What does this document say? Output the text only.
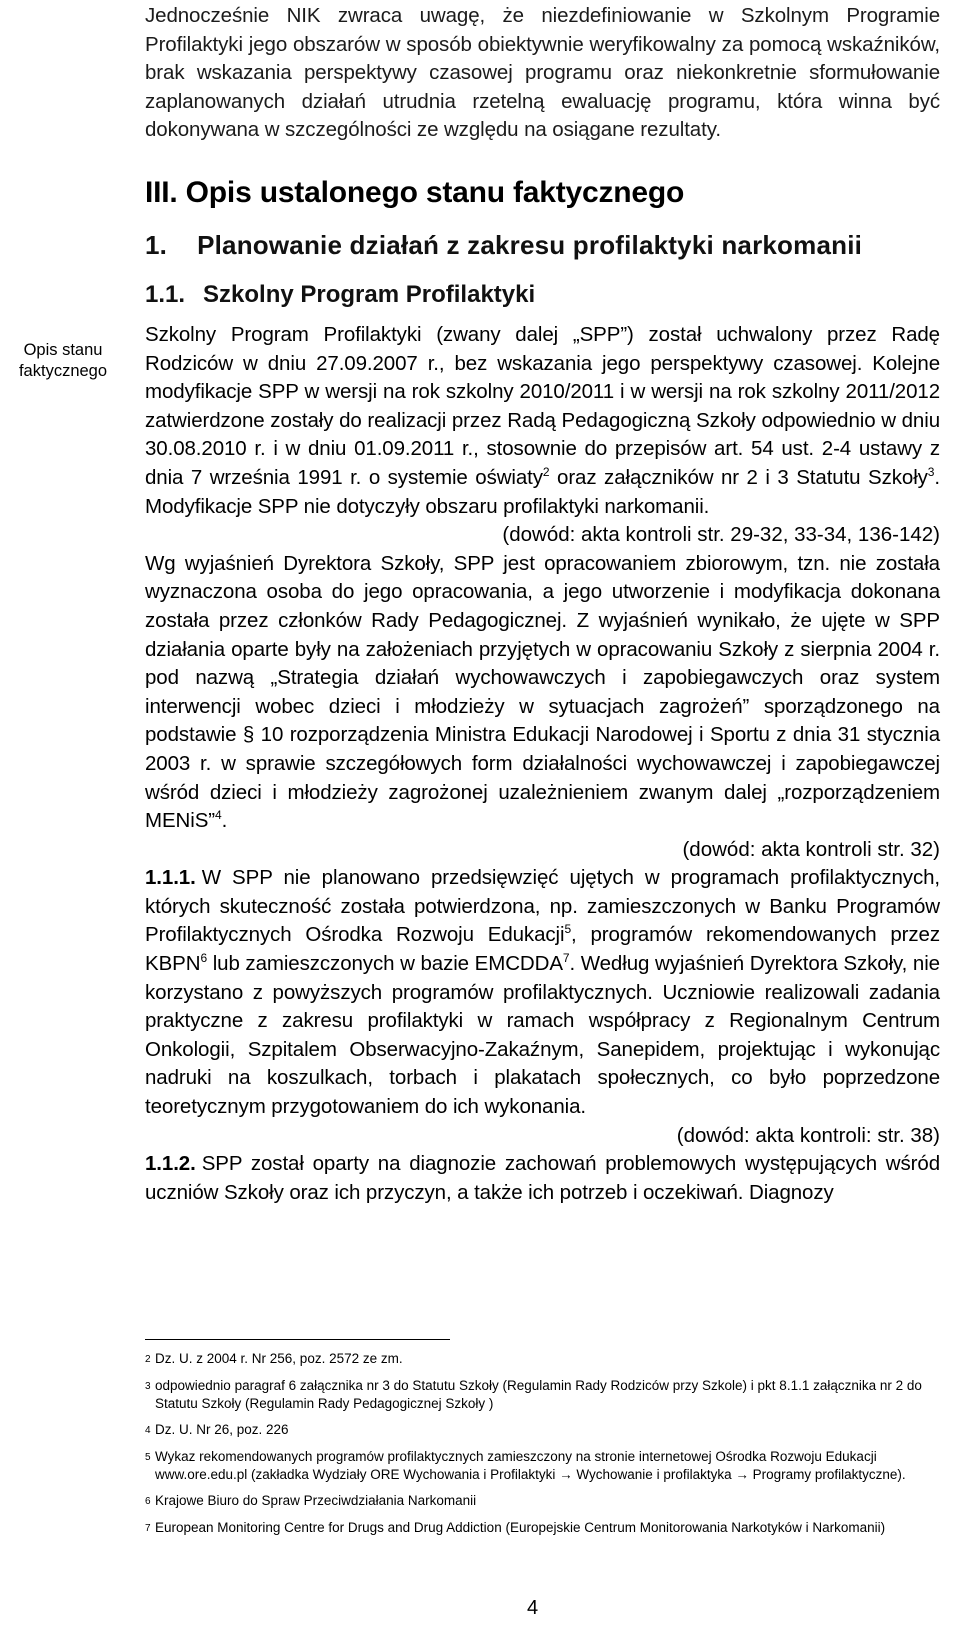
Jednocześnie NIK zwraca uwagę, że niezdefiniowanie w Szkolnym Programie Profilaktyki jego obszarów w sposób obiektywnie weryfikowalny za pomocą wskaźników, brak wskazania perspektywy czasowej programu oraz niekonkretnie sformułowanie zaplanowanych działań utrudnia rzetelną ewaluację programu, która winna być dokonywana w szczególności ze względu na osiągane rezultaty.

Opis stanu faktycznego
III. Opis ustalonego stanu faktycznego
1. Planowanie działań z zakresu profilaktyki narkomanii
1.1. Szkolny Program Profilaktyki

Szkolny Program Profilaktyki (zwany dalej „SPP”) został uchwalony przez Radę Rodziców w dniu 27.09.2007 r., bez wskazania jego perspektywy czasowej. Kolejne modyfikacje SPP w wersji na rok szkolny 2010/2011 i w wersji na rok szkolny 2011/2012 zatwierdzone zostały do realizacji przez Radą Pedagogiczną Szkoły odpowiednio w dniu 30.08.2010 r. i w dniu 01.09.2011 r., stosownie do przepisów art. 54 ust. 2-4 ustawy z dnia 7 września 1991 r. o systemie oświaty$^2$ oraz załączników nr 2 i 3 Statutu Szkoły$^3$. Modyfikacje SPP nie dotyczyły obszaru profilaktyki narkomanii.

(dowód: akta kontroli str. 29-32, 33-34, 136-142)

Wg wyjaśnień Dyrektora Szkoły, SPP jest opracowaniem zbiorowym, tzn. nie została wyznaczona osoba do jego opracowania, a jego utworzenie i modyfikacja dokonana została przez członków Rady Pedagogicznej. Z wyjaśnień wynikało, że ujęte w SPP działania oparte były na założeniach przyjętych w opracowaniu Szkoły z sierpnia 2004 r. pod nazwą „Strategia działań wychowawczych i zapobiegawczych oraz system interwencji wobec dzieci i młodzieży w sytuacjach zagrożeń” sporządzonego na podstawie § 10 rozporządzenia Ministra Edukacji Narodowej i Sportu z dnia 31 stycznia 2003 r. w sprawie szczegółowych form działalności wychowawczej i zapobiegawczej wśród dzieci i młodzieży zagrożonej uzależnieniem zwanym dalej „rozporządzeniem MENiS”$^4$.

(dowód: akta kontroli str. 32)

1.1.1. W SPP nie planowano przedsięwzięć ujętych w programach profilaktycznych, których skuteczność została potwierdzona, np. zamieszczonych w Banku Programów Profilaktycznych Ośrodka Rozwoju Edukacji$^5$, programów rekomendowanych przez KBPN$^6$ lub zamieszczonych w bazie EMCDDA$^7$. Według wyjaśnień Dyrektora Szkoły, nie korzystano z powyższych programów profilaktycznych. Uczniowie realizowali zadania praktyczne z zakresu profilaktyki w ramach współpracy z Regionalnym Centrum Onkologii, Szpitalem Obserwacyjno-Zakaźnym, Sanepidem, projektując i wykonując nadruki na koszulkach, torbach i plakatach społecznych, co było poprzedzone teoretycznym przygotowaniem do ich wykonania.

(dowód: akta kontroli: str. 38)

1.1.2. SPP został oparty na diagnozie zachowań problemowych występujących wśród uczniów Szkoły oraz ich przyczyn, a także ich potrzeb i oczekiwań. Diagnozy

2 Dz. U. z 2004 r. Nr 256, poz. 2572 ze zm.
3 odpowiednio paragraf 6 załącznika nr 3 do Statutu Szkoły (Regulamin Rady Rodziców przy Szkole) i pkt 8.1.1 załącznika nr 2 do Statutu Szkoły (Regulamin Rady Pedagogicznej Szkoły )
4 Dz. U. Nr 26, poz. 226
5 Wykaz rekomendowanych programów profilaktycznych zamieszczony na stronie internetowej Ośrodka Rozwoju Edukacji www.ore.edu.pl (zakładka Wydziały ORE Wychowania i Profilaktyki → Wychowanie i profilaktyka → Programy profilaktyczne).
6 Krajowe Biuro do Spraw Przeciwdziałania Narkomanii
7 European Monitoring Centre for Drugs and Drug Addiction (Europejskie Centrum Monitorowania Narkotyków i Narkomanii)
4
